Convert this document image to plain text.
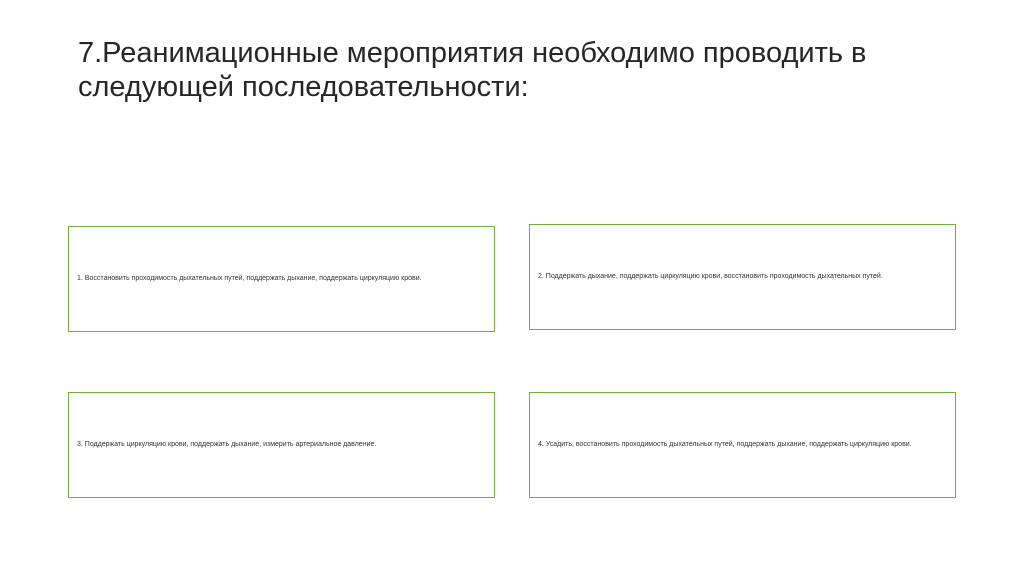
7.Реанимационные мероприятия необходимо проводить в следующей последовательности:
1. Восстановить проходимость дыхательных путей, поддержать дыхание, поддержать циркуляцию крови.	2. Поддержать дыхание, поддержать циркуляцию крови, восстановить проходимость дыхательных путей.
3. Поддержать циркуляцию крови, поддержать дыхание, измерить артериальное давление.	4. Усадить, восстановить проходимость дыхательных путей, поддержать дыхание, поддержать циркуляцию крови.
